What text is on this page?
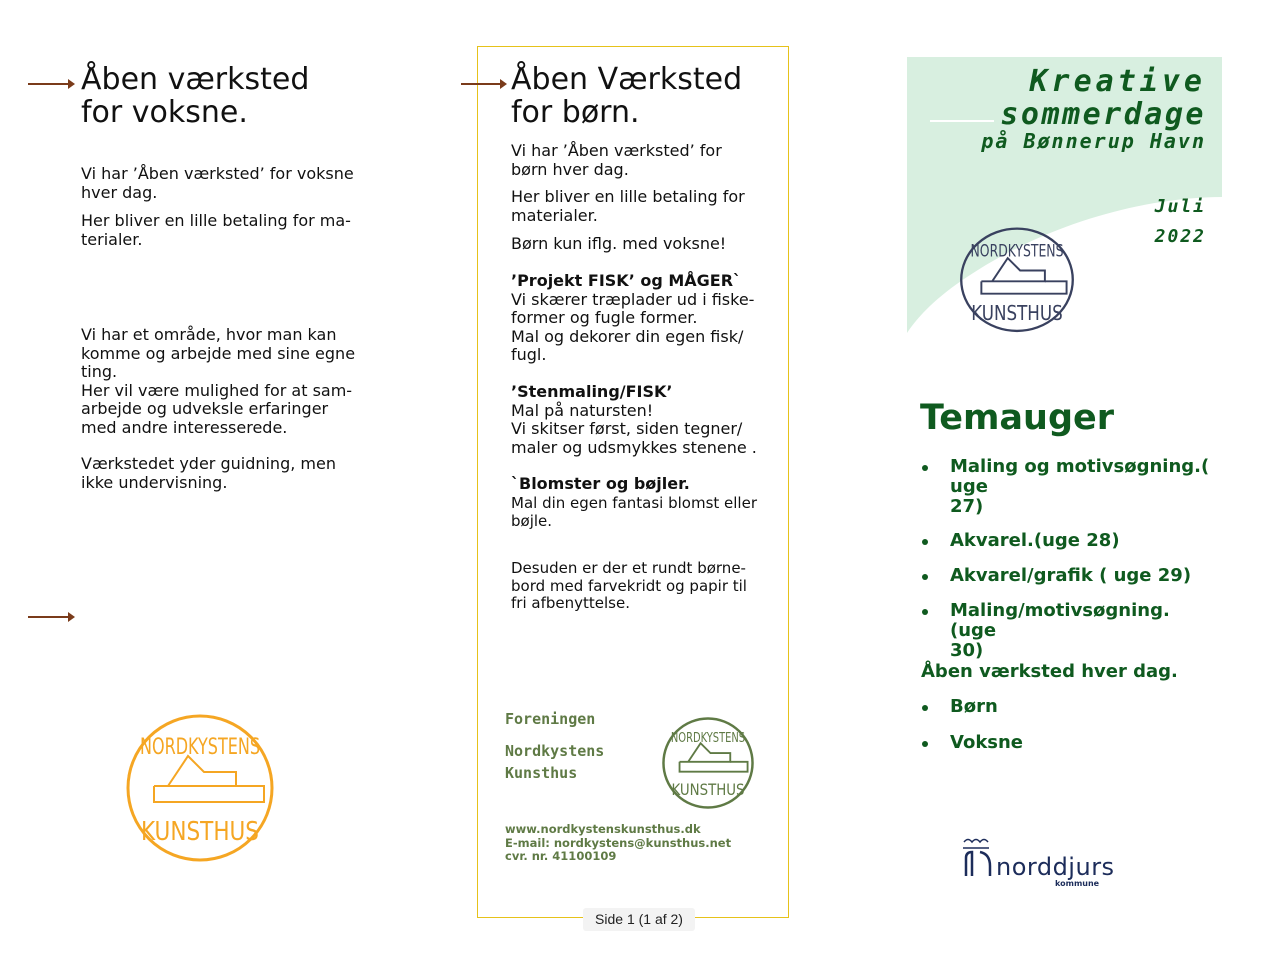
Åben værksted
for voksne.
Vi har ’Åben værksted’ for voksne
hver dag.
Her bliver en lille betaling for ma-
terialer.
Vi har et område, hvor man kan
komme og arbejde med sine egne
ting.
Her vil være mulighed for at sam-
arbejde og udveksle erfaringer
med andre interesserede.
Værkstedet yder guidning, men
ikke undervisning.
NORDKYSTENS
KUNSTHUS
Åben Værksted
for børn.
Vi har ’Åben værksted’ for
børn hver dag.
Her bliver en lille betaling for
materialer.
Børn kun iflg. med voksne!
’Projekt FISK’ og MÅGER`
Vi skærer træplader ud i fiske-
former og fugle former.
Mal og dekorer din egen fisk/
fugl.
’Stenmaling/FISK’
Mal på natursten!
Vi skitser først, siden tegner/
maler og udsmykkes stenene .
`Blomster og bøjler.
Mal din egen fantasi blomst eller
bøjle.
Desuden er der et rundt børne-
bord med farvekridt og papir til
fri afbenyttelse.
Foreningen
Nordkystens
Kunsthus
NORDKYSTENS
KUNSTHUS
www.nordkystenskunsthus.dk
E-mail: nordkystens@kunsthus.net
cvr. nr. 41100109
Kreative
sommerdage
på Bønnerup Havn
Juli
2022
NORDKYSTENS
KUNSTHUS
Temauger
Maling og motivsøgning.( uge
27)
Akvarel.(uge 28)
Akvarel/grafik ( uge 29)
Maling/motivsøgning. (uge
30)
Åben værksted hver dag.
Børn
Voksne
norddjurs
kommune
Side 1 (1 af 2)
